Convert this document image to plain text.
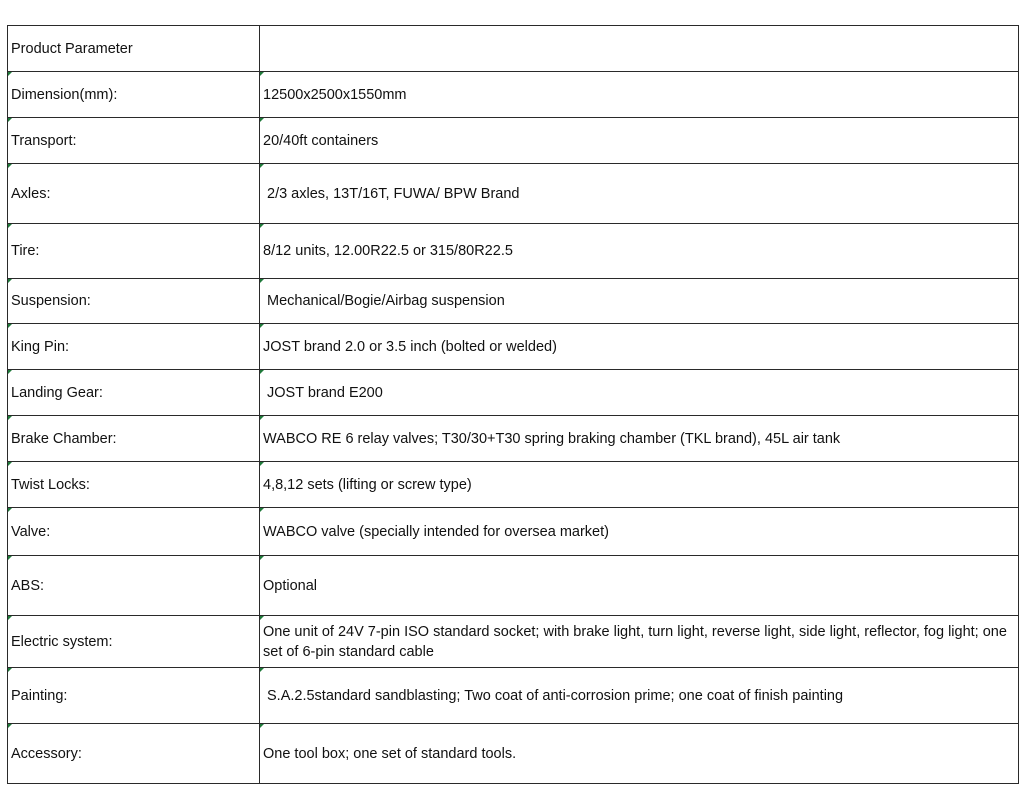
Product Parameter	
Dimension(mm):	12500x2500x1550mm
Transport:	20/40ft containers
Axles:	2/3 axles, 13T/16T, FUWA/ BPW Brand
Tire:	8/12 units, 12.00R22.5 or 315/80R22.5
Suspension:	Mechanical/Bogie/Airbag suspension
King Pin:	JOST brand 2.0 or 3.5 inch (bolted or welded)
Landing Gear:	JOST brand E200
Brake Chamber:	WABCO RE 6 relay valves; T30/30+T30 spring braking chamber (TKL brand), 45L air tank
Twist Locks:	4,8,12 sets (lifting or screw type)
Valve:	WABCO valve (specially intended for oversea market)
ABS:	Optional
Electric system:	One unit of 24V 7-pin ISO standard socket; with brake light, turn light, reverse light, side light, reflector, fog light; one set of 6-pin standard cable
Painting:	S.A.2.5standard sandblasting; Two coat of anti-corrosion prime; one coat of finish painting
Accessory:	One tool box; one set of standard tools.
